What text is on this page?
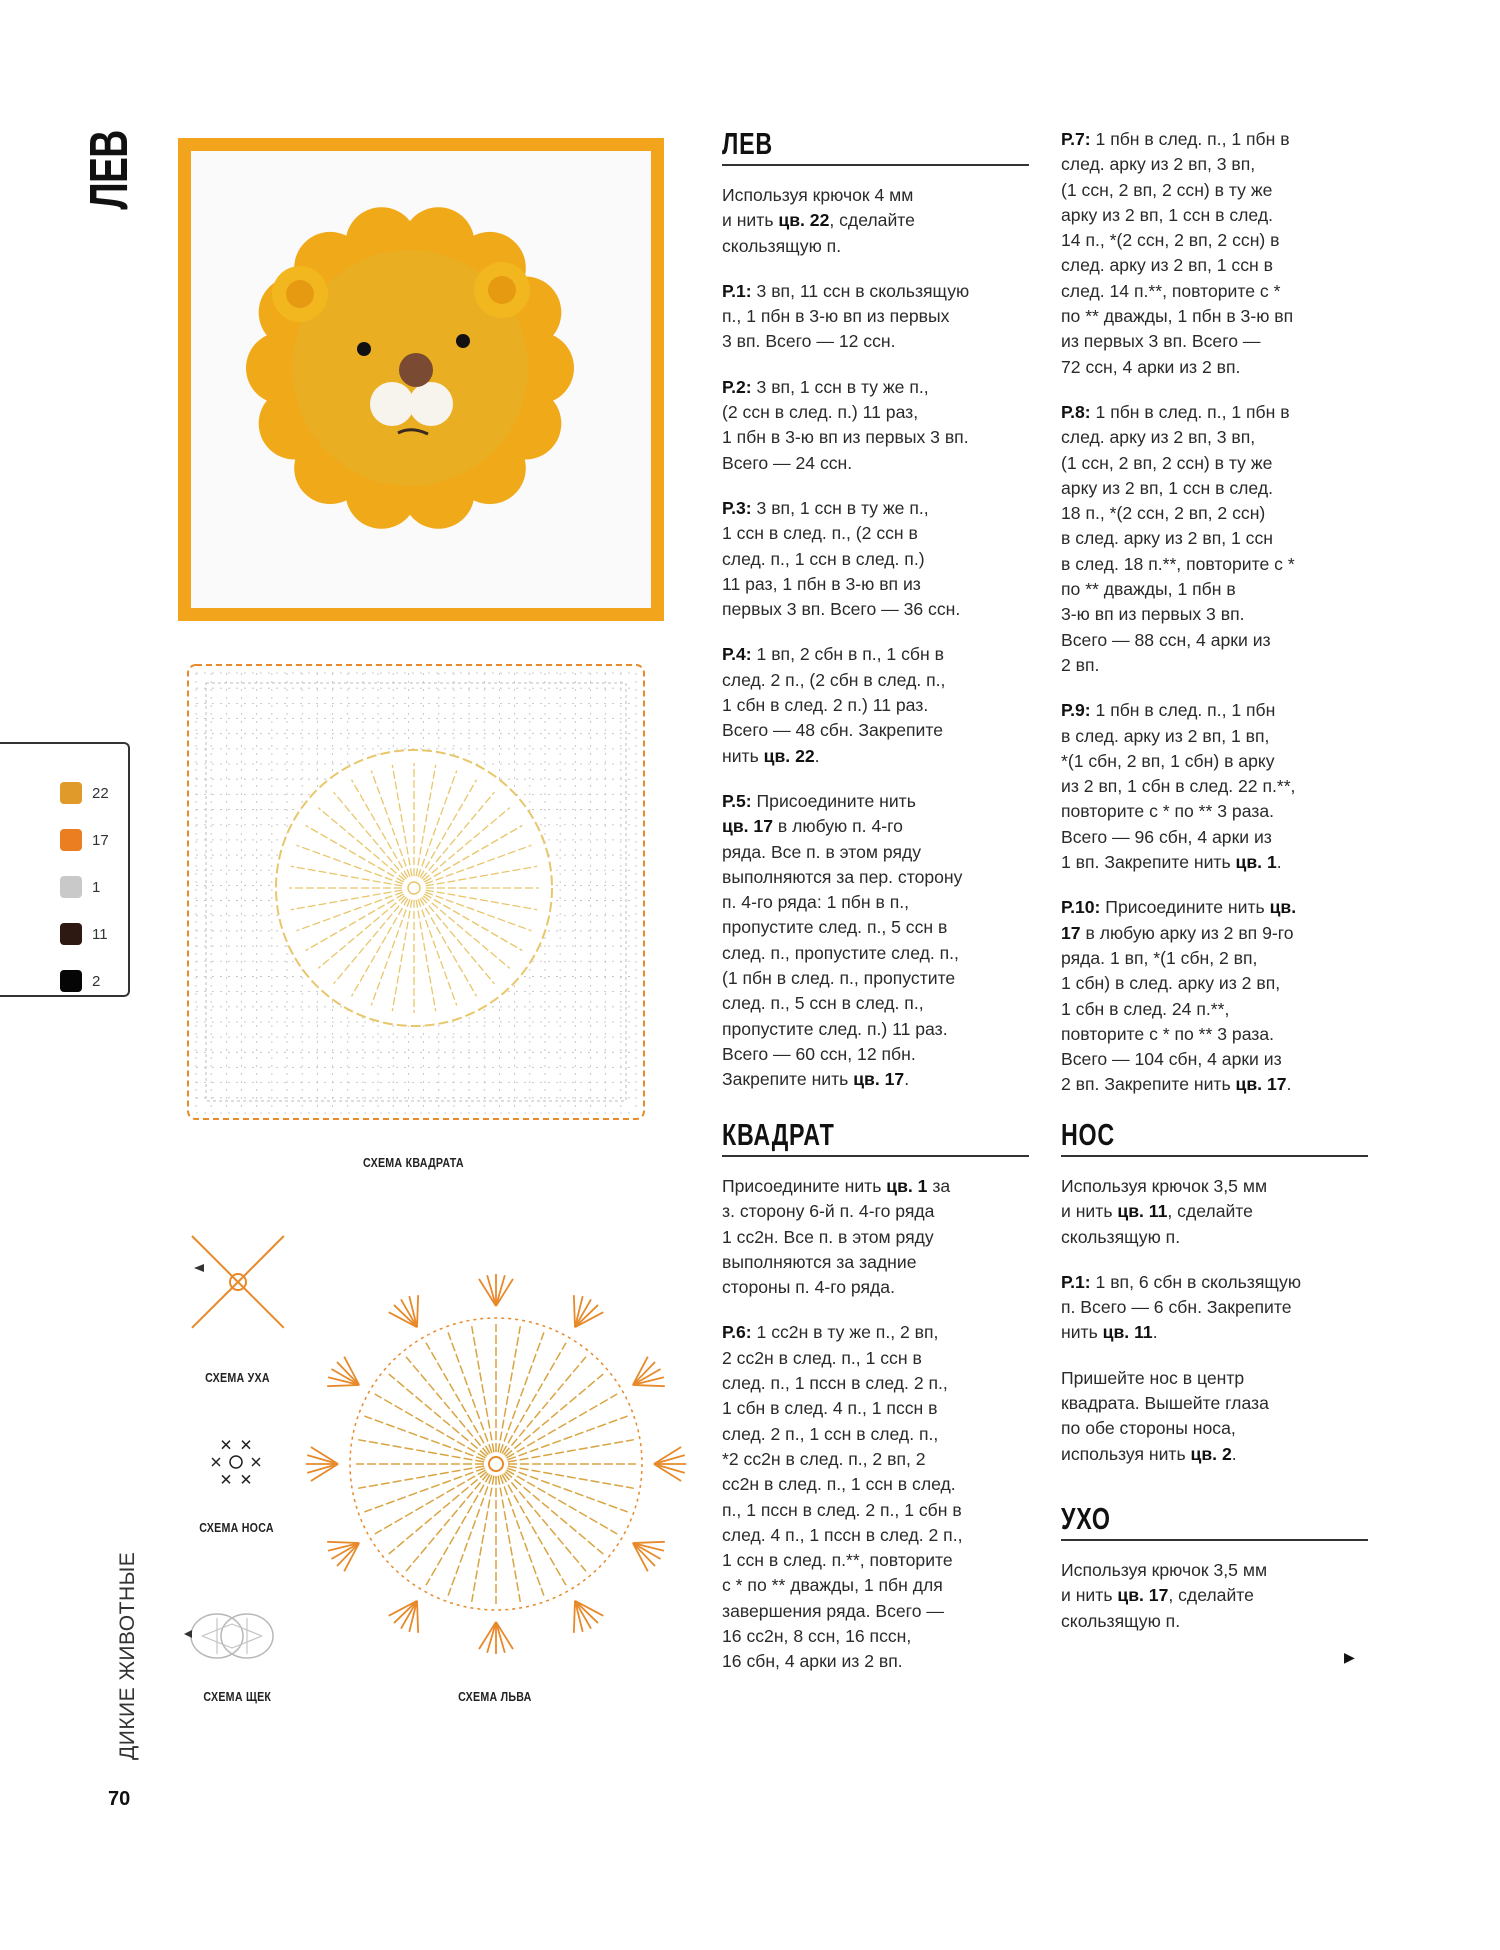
ЛЕВ
СХЕМА КВАДРАТА
22
17
1
11
2
СХЕМА УХА
СХЕМА НОСА
СХЕМА ЩЕК	СХЕМА ЛЬВА
ДИКИЕ ЖИВОТНЫЕ
70
ЛЕВ

Используя крючок 4 мм
и нить цв. 22, сделайте
скользящую п.

Р.1: 3 вп, 11 ссн в скользящую
п., 1 пбн в 3-ю вп из первых
3 вп. Всего — 12 ссн.

Р.2: 3 вп, 1 ссн в ту же п.,
(2 ссн в след. п.) 11 раз,
1 пбн в 3-ю вп из первых 3 вп.
Всего — 24 ссн.

Р.3: 3 вп, 1 ссн в ту же п.,
1 ссн в след. п., (2 ссн в
след. п., 1 ссн в след. п.)
11 раз, 1 пбн в 3-ю вп из
первых 3 вп. Всего — 36 ссн.

Р.4: 1 вп, 2 сбн в п., 1 сбн в
след. 2 п., (2 сбн в след. п.,
1 сбн в след. 2 п.) 11 раз.
Всего — 48 сбн. Закрепите
нить цв. 22.

Р.5: Присоедините нить
цв. 17 в любую п. 4-го
ряда. Все п. в этом ряду
выполняются за пер. сторону
п. 4-го ряда: 1 пбн в п.,
пропустите след. п., 5 ссн в
след. п., пропустите след. п.,
(1 пбн в след. п., пропустите
след. п., 5 ссн в след. п.,
пропустите след. п.) 11 раз.
Всего — 60 ссн, 12 пбн.
Закрепите нить цв. 17.

Р.7: 1 пбн в след. п., 1 пбн в
след. арку из 2 вп, 3 вп,
(1 ссн, 2 вп, 2 ссн) в ту же
арку из 2 вп, 1 ссн в след.
14 п., *(2 ссн, 2 вп, 2 ссн) в
след. арку из 2 вп, 1 ссн в
след. 14 п.**, повторите с *
по ** дважды, 1 пбн в 3-ю вп
из первых 3 вп. Всего —
72 ссн, 4 арки из 2 вп.

Р.8: 1 пбн в след. п., 1 пбн в
след. арку из 2 вп, 3 вп,
(1 ссн, 2 вп, 2 ссн) в ту же
арку из 2 вп, 1 ссн в след.
18 п., *(2 ссн, 2 вп, 2 ссн)
в след. арку из 2 вп, 1 ссн
в след. 18 п.**, повторите с *
по ** дважды, 1 пбн в
3-ю вп из первых 3 вп.
Всего — 88 ссн, 4 арки из
2 вп.

Р.9: 1 пбн в след. п., 1 пбн
в след. арку из 2 вп, 1 вп,
*(1 сбн, 2 вп, 1 сбн) в арку
из 2 вп, 1 сбн в след. 22 п.**,
повторите с * по ** 3 раза.
Всего — 96 сбн, 4 арки из
1 вп. Закрепите нить цв. 1.

Р.10: Присоедините нить цв.
17 в любую арку из 2 вп 9-го
ряда. 1 вп, *(1 сбн, 2 вп,
1 сбн) в след. арку из 2 вп,
1 сбн в след. 24 п.**,
повторите с * по ** 3 раза.
Всего — 104 сбн, 4 арки из
2 вп. Закрепите нить цв. 17.

КВАДРАТ

Присоедините нить цв. 1 за
з. сторону 6-й п. 4-го ряда
1 сс2н. Все п. в этом ряду
выполняются за задние
стороны п. 4-го ряда.

Р.6: 1 сс2н в ту же п., 2 вп,
2 сс2н в след. п., 1 ссн в
след. п., 1 пссн в след. 2 п.,
1 сбн в след. 4 п., 1 пссн в
след. 2 п., 1 ссн в след. п.,
*2 сс2н в след. п., 2 вп, 2
сс2н в след. п., 1 ссн в след.
п., 1 пссн в след. 2 п., 1 сбн в
след. 4 п., 1 пссн в след. 2 п.,
1 ссн в след. п.**, повторите
с * по ** дважды, 1 пбн для
завершения ряда. Всего —
16 сс2н, 8 ссн, 16 пссн,
16 сбн, 4 арки из 2 вп.

НОС

Используя крючок 3,5 мм
и нить цв. 11, сделайте
скользящую п.

Р.1: 1 вп, 6 сбн в скользящую
п. Всего — 6 сбн. Закрепите
нить цв. 11.

Пришейте нос в центр
квадрата. Вышейте глаза
по обе стороны носа,
используя нить цв. 2.

УХО

Используя крючок 3,5 мм
и нить цв. 17, сделайте
скользящую п.

▶
